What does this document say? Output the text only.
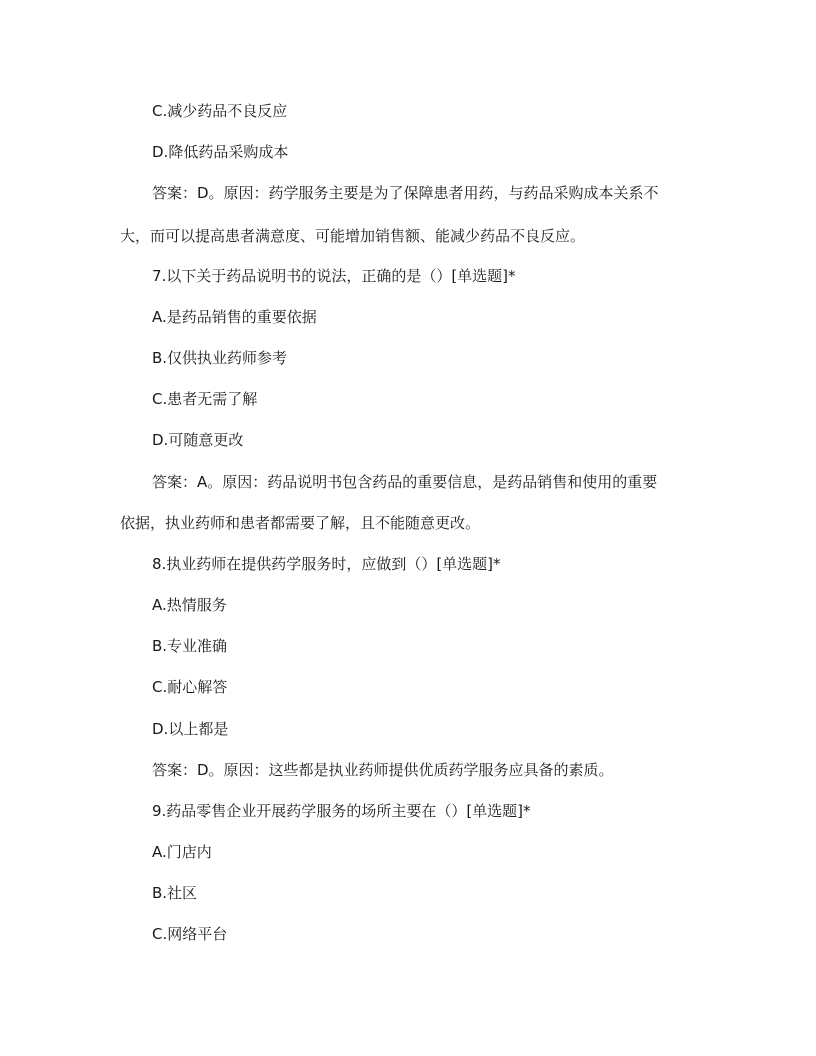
C.减少药品不良反应
D.降低药品采购成本
答案：D。原因：药学服务主要是为了保障患者用药，与药品采购成本关系不
大，而可以提高患者满意度、可能增加销售额、能减少药品不良反应。
7.以下关于药品说明书的说法，正确的是（）[单选题]*
A.是药品销售的重要依据
B.仅供执业药师参考
C.患者无需了解
D.可随意更改
答案：A。原因：药品说明书包含药品的重要信息，是药品销售和使用的重要
依据，执业药师和患者都需要了解，且不能随意更改。
8.执业药师在提供药学服务时，应做到（）[单选题]*
A.热情服务
B.专业准确
C.耐心解答
D.以上都是
答案：D。原因：这些都是执业药师提供优质药学服务应具备的素质。
9.药品零售企业开展药学服务的场所主要在（）[单选题]*
A.门店内
B.社区
C.网络平台
